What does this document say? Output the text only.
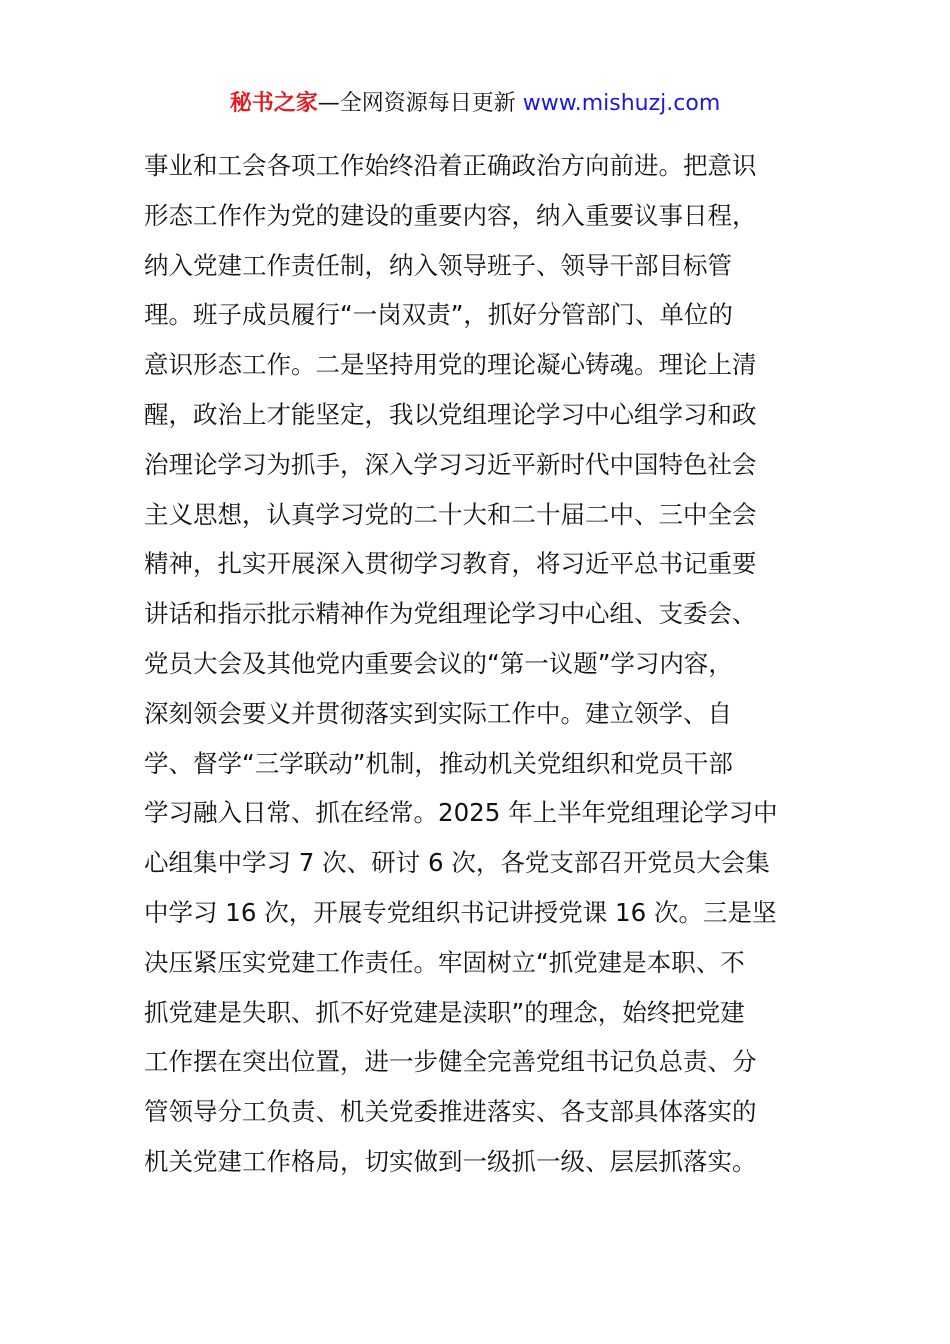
秘书之家—全网资源每日更新 www.mishuzj.com
事业和工会各项工作始终沿着正确政治方向前进。把意识
形态工作作为党的建设的重要内容，纳入重要议事日程，
纳入党建工作责任制，纳入领导班子、领导干部目标管
理。班子成员履行“一岗双责”，抓好分管部门、单位的
意识形态工作。二是坚持用党的理论凝心铸魂。理论上清
醒，政治上才能坚定，我以党组理论学习中心组学习和政
治理论学习为抓手，深入学习习近平新时代中国特色社会
主义思想，认真学习党的二十大和二十届二中、三中全会
精神，扎实开展深入贯彻学习教育，将习近平总书记重要
讲话和指示批示精神作为党组理论学习中心组、支委会、
党员大会及其他党内重要会议的“第一议题”学习内容，
深刻领会要义并贯彻落实到实际工作中。建立领学、自
学、督学“三学联动”机制，推动机关党组织和党员干部
学习融入日常、抓在经常。2025 年上半年党组理论学习中
心组集中学习 7 次、研讨 6 次，各党支部召开党员大会集
中学习 16 次，开展专党组织书记讲授党课 16 次。三是坚
决压紧压实党建工作责任。牢固树立“抓党建是本职、不
抓党建是失职、抓不好党建是渎职”的理念，始终把党建
工作摆在突出位置，进一步健全完善党组书记负总责、分
管领导分工负责、机关党委推进落实、各支部具体落实的
机关党建工作格局，切实做到一级抓一级、层层抓落实。
